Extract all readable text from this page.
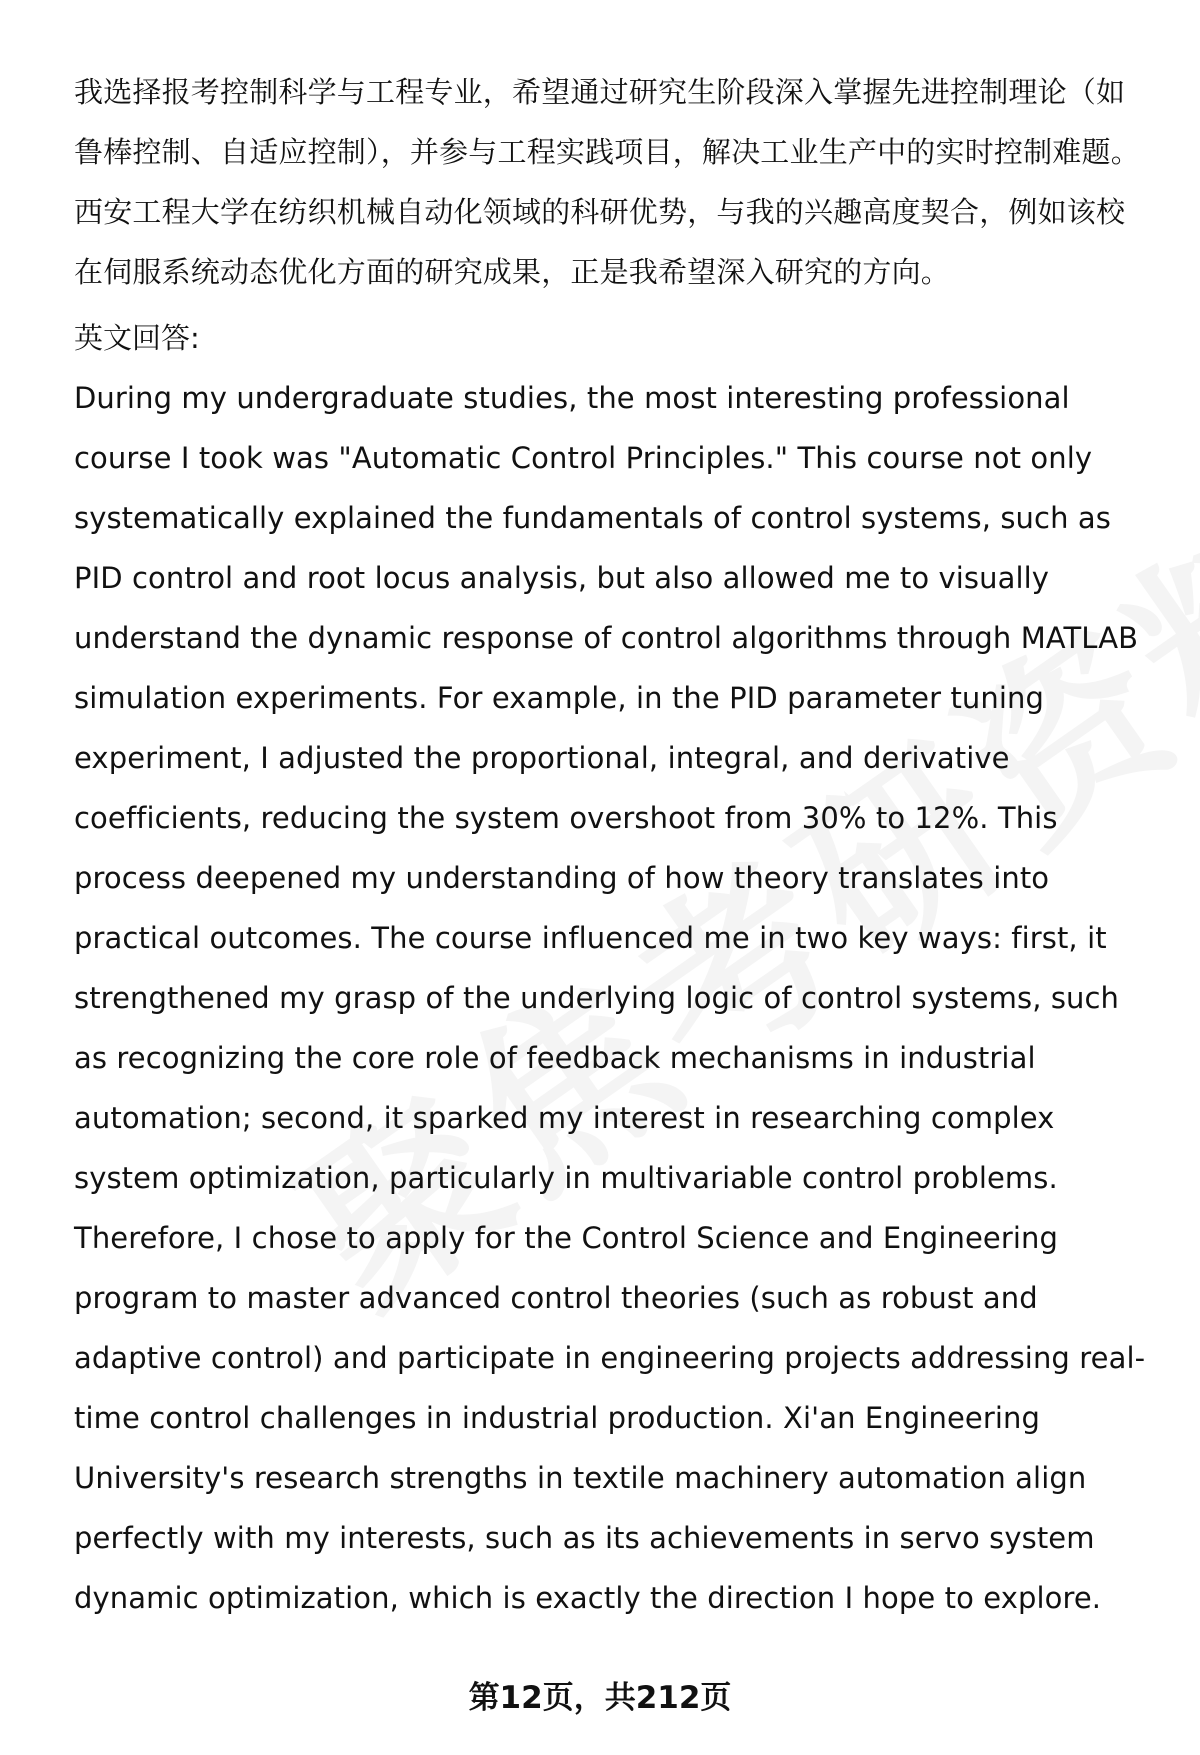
我选择报考控制科学与工程专业，希望通过研究生阶段深入掌握先进控制理论（如鲁棒控制、自适应控制），并参与工程实践项目，解决工业生产中的实时控制难题。西安工程大学在纺织机械自动化领域的科研优势，与我的兴趣高度契合，例如该校在伺服系统动态优化方面的研究成果，正是我希望深入研究的方向。

英文回答:

During my undergraduate studies, the most interesting professional course I took was "Automatic Control Principles." This course not only systematically explained the fundamentals of control systems, such as PID control and root locus analysis, but also allowed me to visually understand the dynamic response of control algorithms through MATLAB simulation experiments. For example, in the PID parameter tuning experiment, I adjusted the proportional, integral, and derivative coefficients, reducing the system overshoot from 30% to 12%. This process deepened my understanding of how theory translates into practical outcomes. The course influenced me in two key ways: first, it strengthened my grasp of the underlying logic of control systems, such as recognizing the core role of feedback mechanisms in industrial automation; second, it sparked my interest in researching complex system optimization, particularly in multivariable control problems. Therefore, I chose to apply for the Control Science and Engineering program to master advanced control theories (such as robust and adaptive control) and participate in engineering projects addressing real-time control challenges in industrial production. Xi'an Engineering University's research strengths in textile machinery automation align perfectly with my interests, such as its achievements in servo system dynamic optimization, which is exactly the direction I hope to explore.

第12页，共212页
